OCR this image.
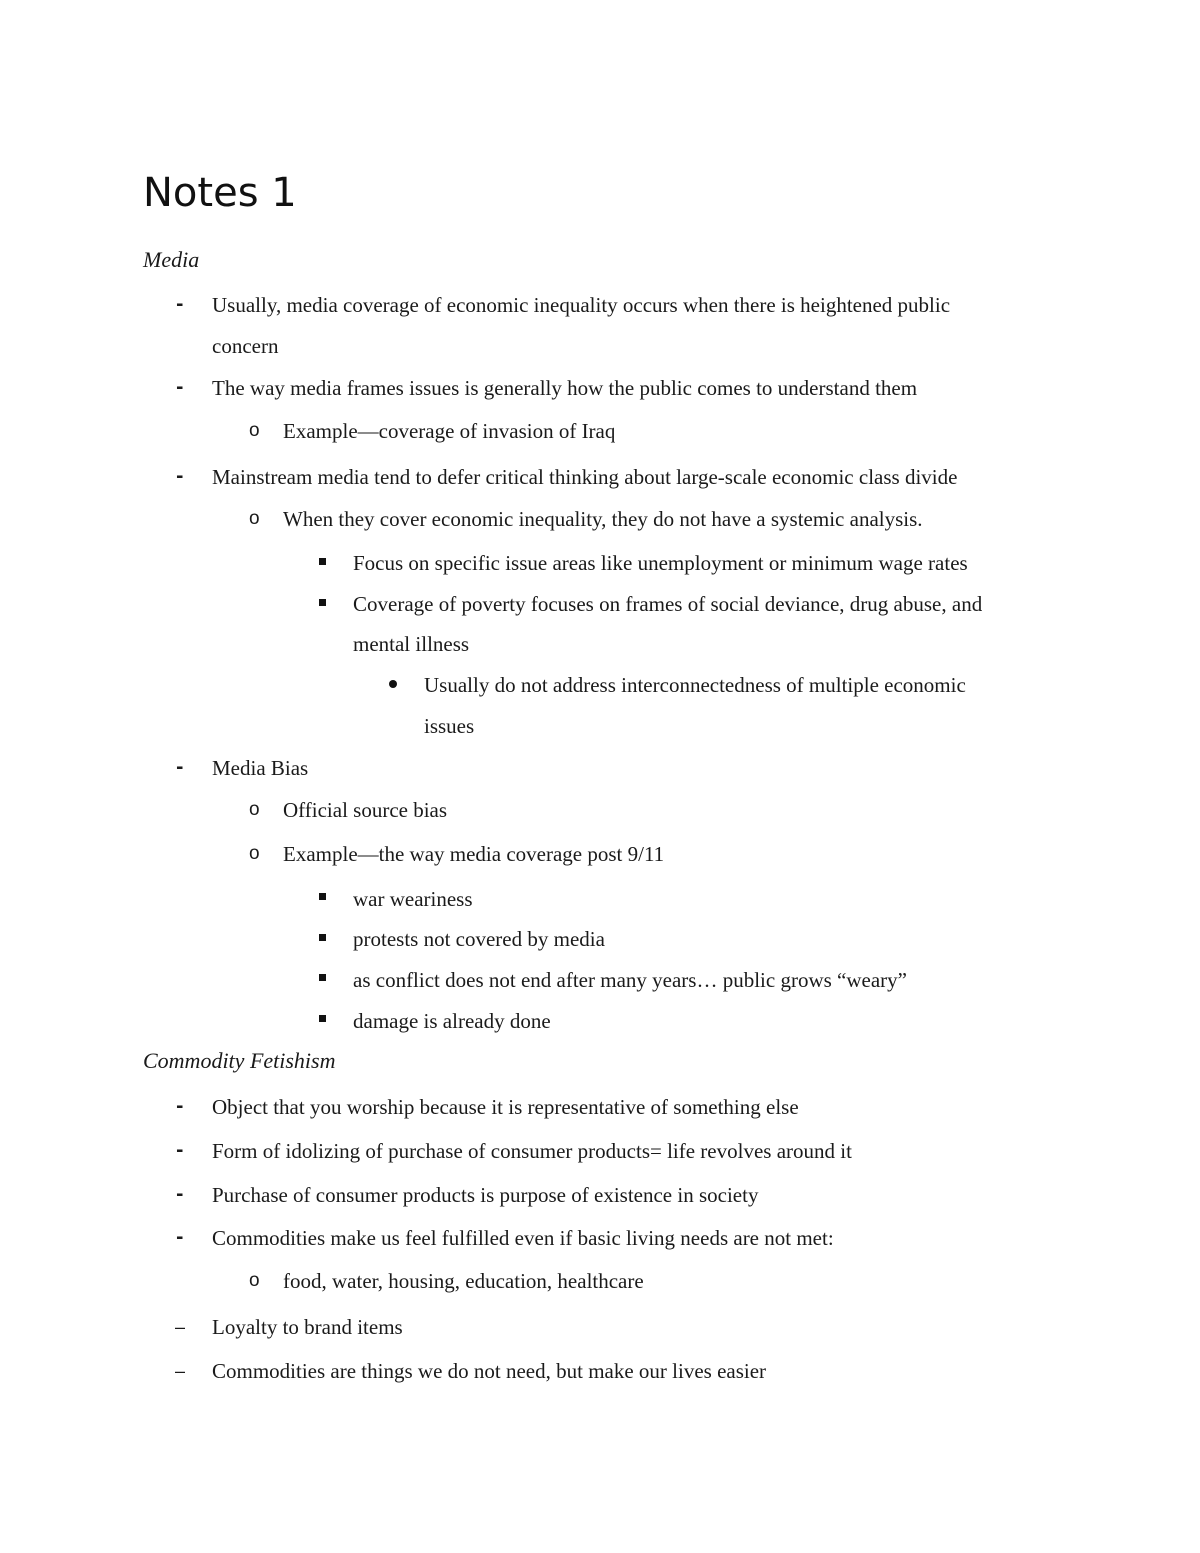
Notes 1
Media
- Usually, media coverage of economic inequality occurs when there is heightened public
concern
- The way media frames issues is generally how the public comes to understand them
o Example—coverage of invasion of Iraq
- Mainstream media tend to defer critical thinking about large-scale economic class divide
o When they cover economic inequality, they do not have a systemic analysis.
Focus on specific issue areas like unemployment or minimum wage rates
Coverage of poverty focuses on frames of social deviance, drug abuse, and
mental illness
Usually do not address interconnectedness of multiple economic
issues
- Media Bias
o Official source bias
o Example—the way media coverage post 9/11
war weariness
protests not covered by media
as conflict does not end after many years… public grows “weary”
damage is already done
Commodity Fetishism
- Object that you worship because it is representative of something else
- Form of idolizing of purchase of consumer products= life revolves around it
- Purchase of consumer products is purpose of existence in society
- Commodities make us feel fulfilled even if basic living needs are not met:
o food, water, housing, education, healthcare
– Loyalty to brand items
– Commodities are things we do not need, but make our lives easier
